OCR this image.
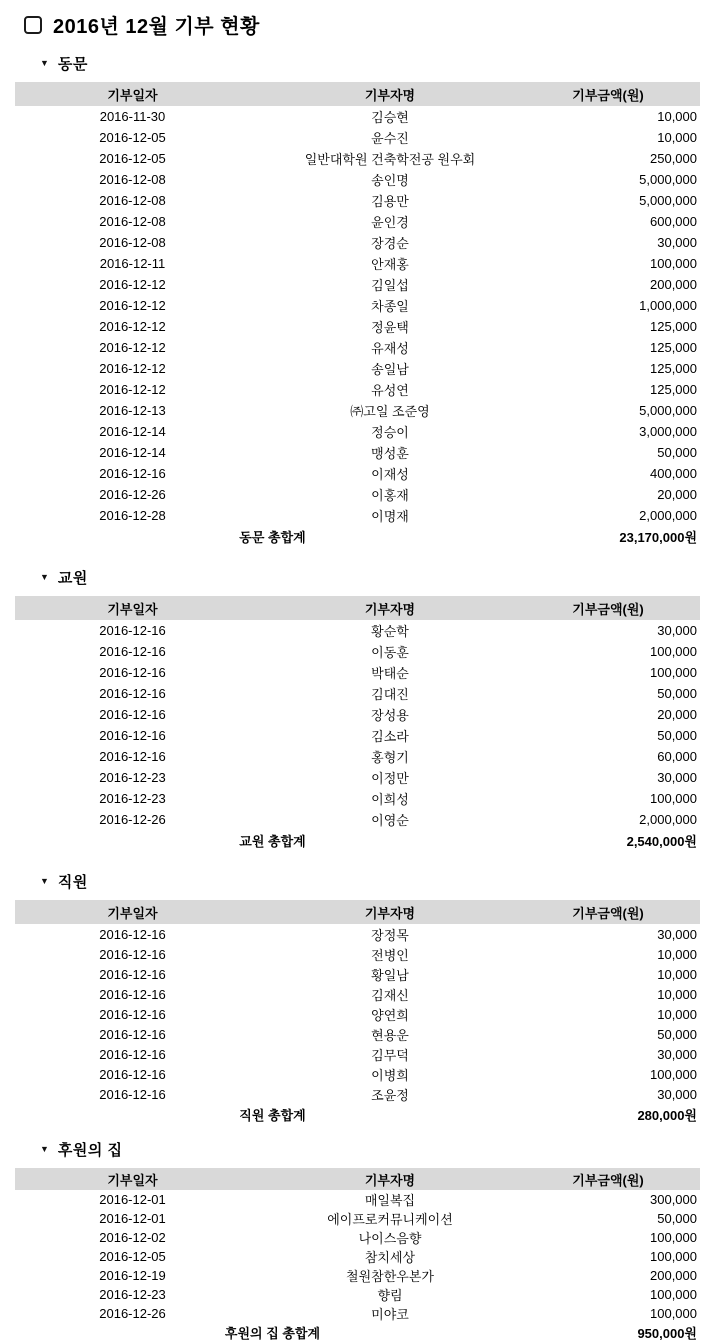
2016년 12월 기부 현황
▼ 동문
기부일자	기부자명	기부금액(원)
2016-11-30	김승현	10,000
2016-12-05	윤수진	10,000
2016-12-05	일반대학원 건축학전공 원우회	250,000
2016-12-08	송인명	5,000,000
2016-12-08	김용만	5,000,000
2016-12-08	윤인경	600,000
2016-12-08	장경순	30,000
2016-12-11	안재홍	100,000
2016-12-12	김일섭	200,000
2016-12-12	차종일	1,000,000
2016-12-12	정윤택	125,000
2016-12-12	유재성	125,000
2016-12-12	송일남	125,000
2016-12-12	유성연	125,000
2016-12-13	㈜고일 조준영	5,000,000
2016-12-14	정승이	3,000,000
2016-12-14	맹성훈	50,000
2016-12-16	이재성	400,000
2016-12-26	이홍재	20,000
2016-12-28	이명재	2,000,000
동문 총합계		23,170,000원
▼ 교원
기부일자	기부자명	기부금액(원)
2016-12-16	황순학	30,000
2016-12-16	이동훈	100,000
2016-12-16	박태순	100,000
2016-12-16	김대진	50,000
2016-12-16	장성용	20,000
2016-12-16	김소라	50,000
2016-12-16	홍형기	60,000
2016-12-23	이정만	30,000
2016-12-23	이희성	100,000
2016-12-26	이영순	2,000,000
교원 총합계		2,540,000원
▼ 직원
기부일자	기부자명	기부금액(원)
2016-12-16	장정목	30,000
2016-12-16	전병인	10,000
2016-12-16	황일남	10,000
2016-12-16	김재신	10,000
2016-12-16	양연희	10,000
2016-12-16	현용운	50,000
2016-12-16	김무덕	30,000
2016-12-16	이병희	100,000
2016-12-16	조윤정	30,000
직원 총합계		280,000원
▼ 후원의 집
기부일자	기부자명	기부금액(원)
2016-12-01	매일복집	300,000
2016-12-01	에이프로커뮤니케이션	50,000
2016-12-02	나이스음향	100,000
2016-12-05	참치세상	100,000
2016-12-19	철원참한우본가	200,000
2016-12-23	향림	100,000
2016-12-26	미야코	100,000
후원의 집 총합계		950,000원
